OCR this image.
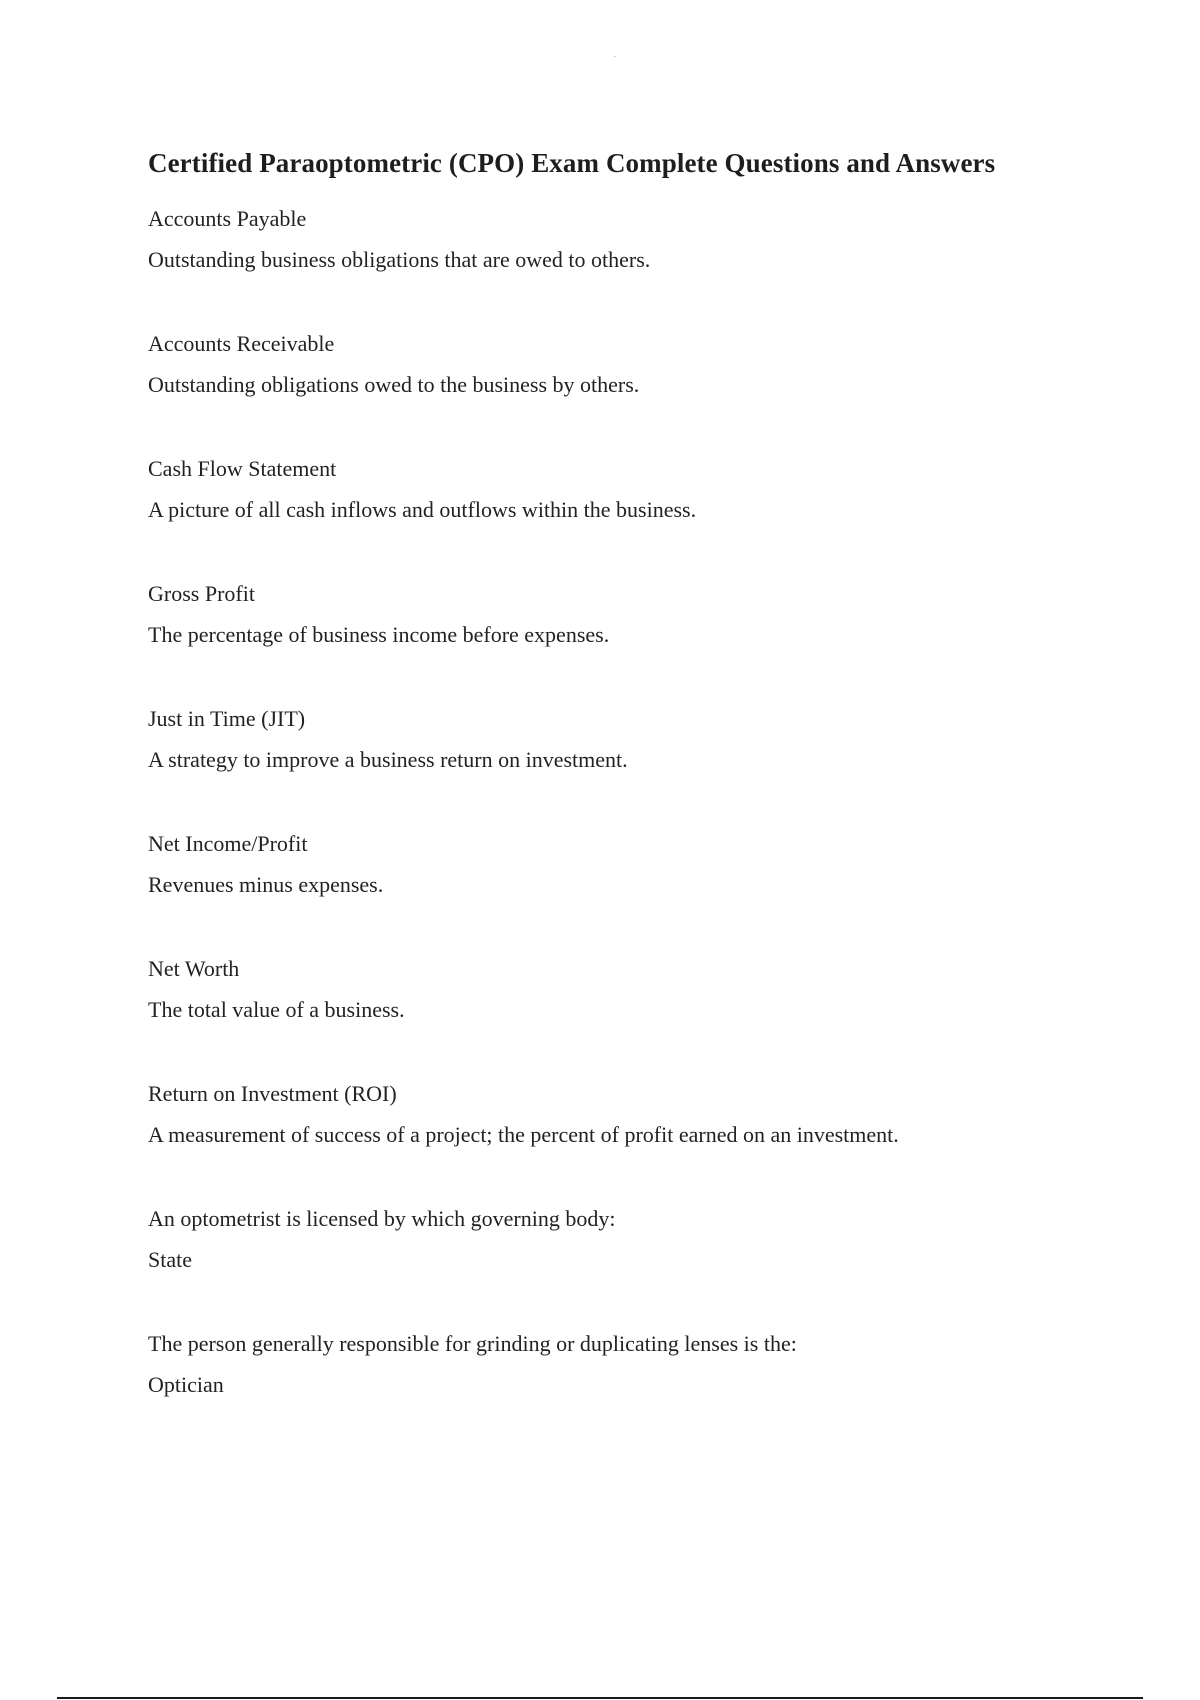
Certified Paraoptometric (CPO) Exam Complete Questions and Answers
Accounts Payable
Outstanding business obligations that are owed to others.
Accounts Receivable
Outstanding obligations owed to the business by others.
Cash Flow Statement
A picture of all cash inflows and outflows within the business.
Gross Profit
The percentage of business income before expenses.
Just in Time (JIT)
A strategy to improve a business return on investment.
Net Income/Profit
Revenues minus expenses.
Net Worth
The total value of a business.
Return on Investment (ROI)
A measurement of success of a project; the percent of profit earned on an investment.
An optometrist is licensed by which governing body:
State
The person generally responsible for grinding or duplicating lenses is the:
Optician
